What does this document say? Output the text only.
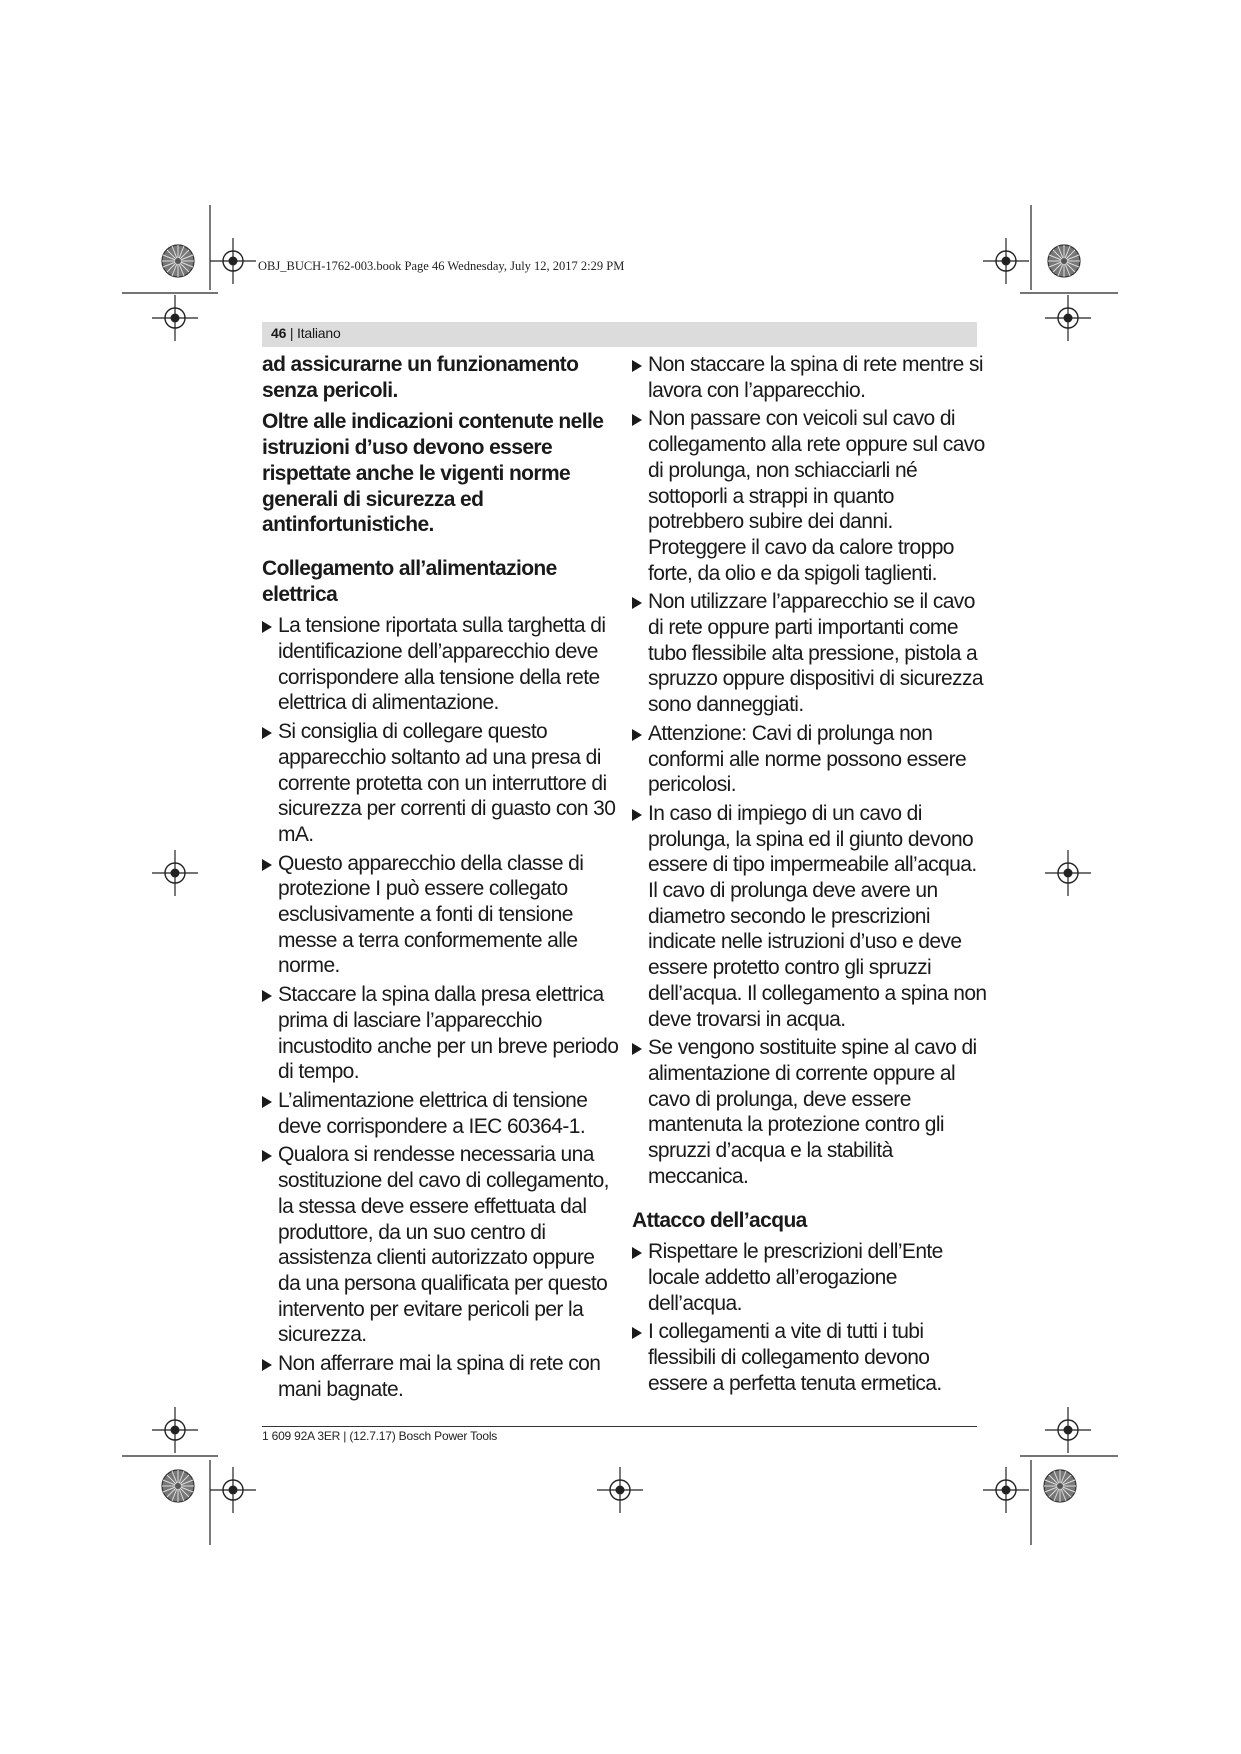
OBJ_BUCH-1762-003.book Page 46 Wednesday, July 12, 2017 2:29 PM
46 | Italiano

ad assicurarne un funzionamento senza pericoli.

Oltre alle indicazioni contenute nelle istruzioni d’uso devono essere rispettate anche le vigenti norme generali di sicurezza ed antinfortunistiche.

Collegamento all’alimentazione elettrica
La tensione riportata sulla targhetta di identificazione dell’apparecchio deve corrispondere alla tensione della rete elettrica di alimentazione.
Si consiglia di collegare questo apparecchio soltanto ad una presa di corrente protetta con un interruttore di sicurezza per correnti di guasto con 30 mA.
Questo apparecchio della classe di protezione I può essere collegato esclusivamente a fonti di tensione messe a terra conformemente alle norme.
Staccare la spina dalla presa elettrica prima di lasciare l’apparecchio incustodito anche per un breve periodo di tempo.
L’alimentazione elettrica di tensione deve corrispondere a IEC 60364-1.
Qualora si rendesse necessaria una sostituzione del cavo di collegamento, la stessa deve essere effettuata dal produttore, da un suo centro di assistenza clienti autorizzato oppure da una persona qualificata per questo intervento per evitare pericoli per la sicurezza.
Non afferrare mai la spina di rete con mani bagnate.
Non staccare la spina di rete mentre si lavora con l’apparecchio.
Non passare con veicoli sul cavo di collegamento alla rete oppure sul cavo di prolunga, non schiacciarli né sottoporli a strappi in quanto potrebbero subire dei danni. Proteggere il cavo da calore troppo forte, da olio e da spigoli taglienti.
Non utilizzare l’apparecchio se il cavo di rete oppure parti importanti come tubo flessibile alta pressione, pistola a spruzzo oppure dispositivi di sicurezza sono danneggiati.
Attenzione: Cavi di prolunga non conformi alle norme possono essere pericolosi.
In caso di impiego di un cavo di prolunga, la spina ed il giunto devono essere di tipo impermeabile all’acqua. Il cavo di prolunga deve avere un diametro secondo le prescrizioni indicate nelle istruzioni d’uso e deve essere protetto contro gli spruzzi dell’acqua. Il collegamento a spina non deve trovarsi in acqua.
Se vengono sostituite spine al cavo di alimentazione di corrente oppure al cavo di prolunga, deve essere mantenuta la protezione contro gli spruzzi d’acqua e la stabilità meccanica.
Attacco dell’acqua
Rispettare le prescrizioni dell’Ente locale addetto all’erogazione dell’acqua.
I collegamenti a vite di tutti i tubi flessibili di collegamento devono essere a perfetta tenuta ermetica.
1 609 92A 3ER | (12.7.17) Bosch Power Tools
